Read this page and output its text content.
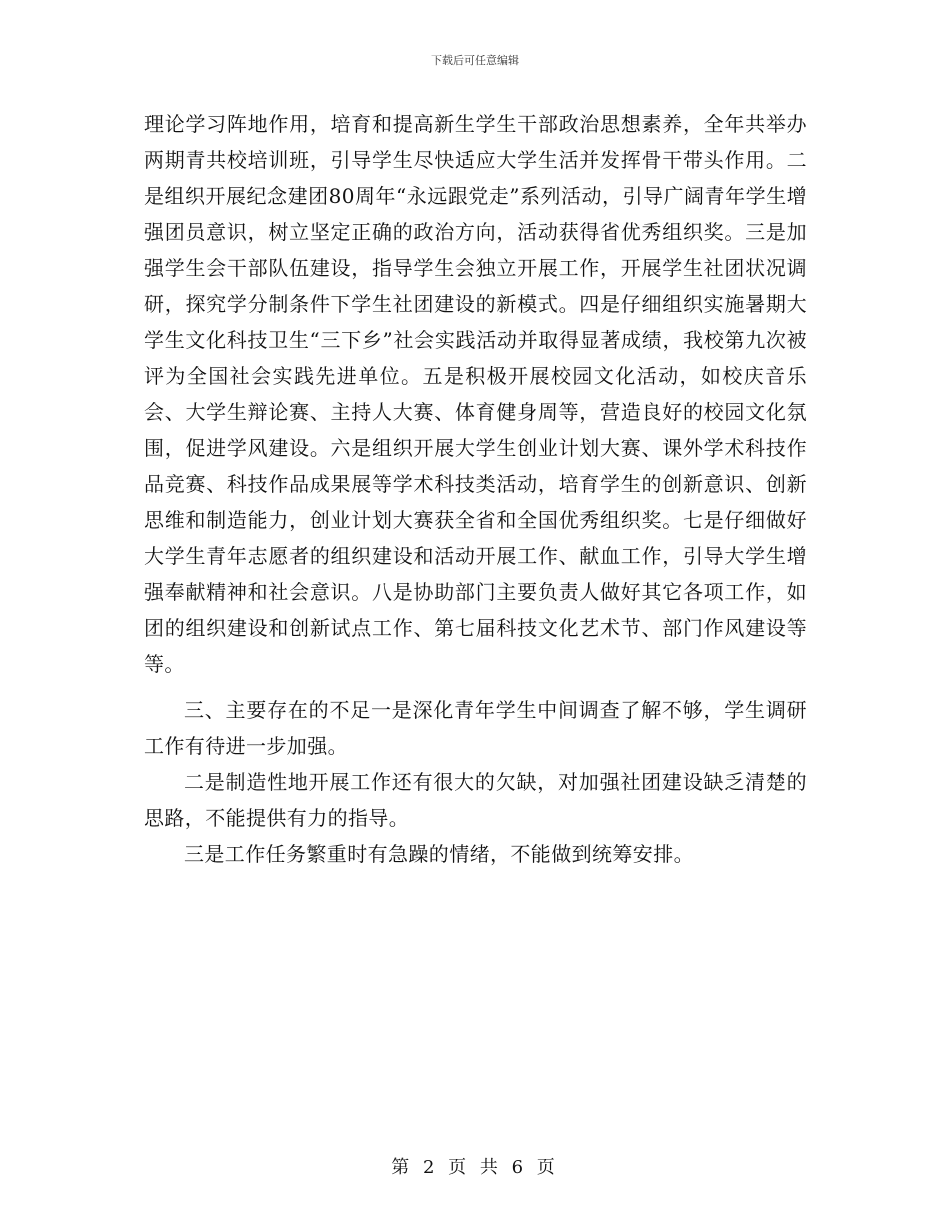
下载后可任意编辑

理论学习阵地作用，培育和提高新生学生干部政治思想素养，全年共举办两期青共校培训班，引导学生尽快适应大学生活并发挥骨干带头作用。二是组织开展纪念建团80周年“永远跟党走”系列活动，引导广阔青年学生增强团员意识，树立坚定正确的政治方向，活动获得省优秀组织奖。三是加强学生会干部队伍建设，指导学生会独立开展工作，开展学生社团状况调研，探究学分制条件下学生社团建设的新模式。四是仔细组织实施暑期大学生文化科技卫生“三下乡”社会实践活动并取得显著成绩，我校第九次被评为全国社会实践先进单位。五是积极开展校园文化活动，如校庆音乐会、大学生辩论赛、主持人大赛、体育健身周等，营造良好的校园文化氛围，促进学风建设。六是组织开展大学生创业计划大赛、课外学术科技作品竞赛、科技作品成果展等学术科技类活动，培育学生的创新意识、创新思维和制造能力，创业计划大赛获全省和全国优秀组织奖。七是仔细做好大学生青年志愿者的组织建设和活动开展工作、献血工作，引导大学生增强奉献精神和社会意识。八是协助部门主要负责人做好其它各项工作，如团的组织建设和创新试点工作、第七届科技文化艺术节、部门作风建设等等。

三、主要存在的不足一是深化青年学生中间调查了解不够，学生调研工作有待进一步加强。

二是制造性地开展工作还有很大的欠缺，对加强社团建设缺乏清楚的思路，不能提供有力的指导。

三是工作任务繁重时有急躁的情绪，不能做到统筹安排。

第 2 页 共 6 页
